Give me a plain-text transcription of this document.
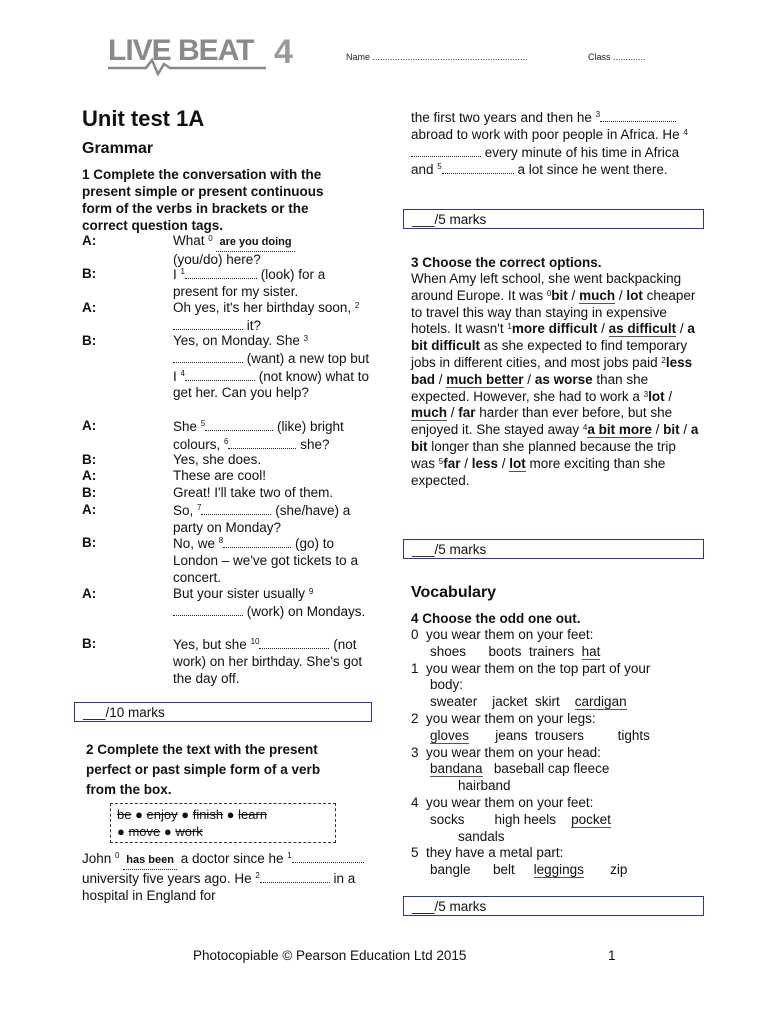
LIVE BEAT 4	Name ..............................................................	Class .............
Unit test 1A
Grammar
1 Complete the conversation with the
present simple or present continuous
form of the verbs in brackets or the
correct question tags.
A:	What $^0$ are you doing
(you/do) here?
B:	I $^1$	(look) for a present for my sister.
A:	Oh yes, it's her birthday soon, $^2$ it?
B:	Yes, on Monday. She $^3$ (want) a new top but I $^4$	(not know) what to get her. Can you help?
A:	She $^5$	(like) bright colours, $^6$	she?
B:	Yes, she does.
A:	These are cool!
B:	Great! I'll take two of them.
A:	So, $^7$	(she/have) a party on Monday?
B:	No, we $^8$	(go) to London – we've got tickets to a concert.
A:	But your sister usually $^9$ (work) on Mondays.
B:	Yes, but she $^{10}$	(not work) on her birthday. She's got the day off.
___/10 marks
2 Complete the text with the present
perfect or past simple form of a verb
from the box.
be ● enjoy ● finish ● learn
● move ● work
John $^0$ has been a doctor since he $^1$ university five years ago. He $^2$	in a hospital in England for
the first two years and then he $^3$ abroad to work with poor people in Africa. He $^4$ every minute of his time in Africa and $^5$	a lot since he went there.
___/5 marks
3 Choose the correct options.
When Amy left school, she went backpacking around Europe. It was $^0$bit / much / lot cheaper to travel this way than staying in expensive hotels. It wasn't $^1$more difficult / as difficult / a bit difficult as she expected to find temporary jobs in different cities, and most jobs paid $^2$less bad / much better / as worse than she expected. However, she had to work a $^3$lot / much / far harder than ever before, but she enjoyed it. She stayed away $^4$a bit more / bit / a bit longer than she planned because the trip was $^5$far / less / lot more exciting than she expected.
___/5 marks
Vocabulary
4 Choose the odd one out.
0  you wear them on your feet:
shoes      boots  trainers  hat
1  you wear them on the top part of your
body:
sweater    jacket  skirt    cardigan
2  you wear them on your legs:
gloves       jeans  trousers         tights
3  you wear them on your head:
bandana   baseball cap fleece
hairband
4  you wear them on your feet:
socks        high heels    pocket
sandals
5  they have a metal part:
bangle      belt     leggings       zip
___/5 marks
Photocopiable © Pearson Education Ltd 2015	1
